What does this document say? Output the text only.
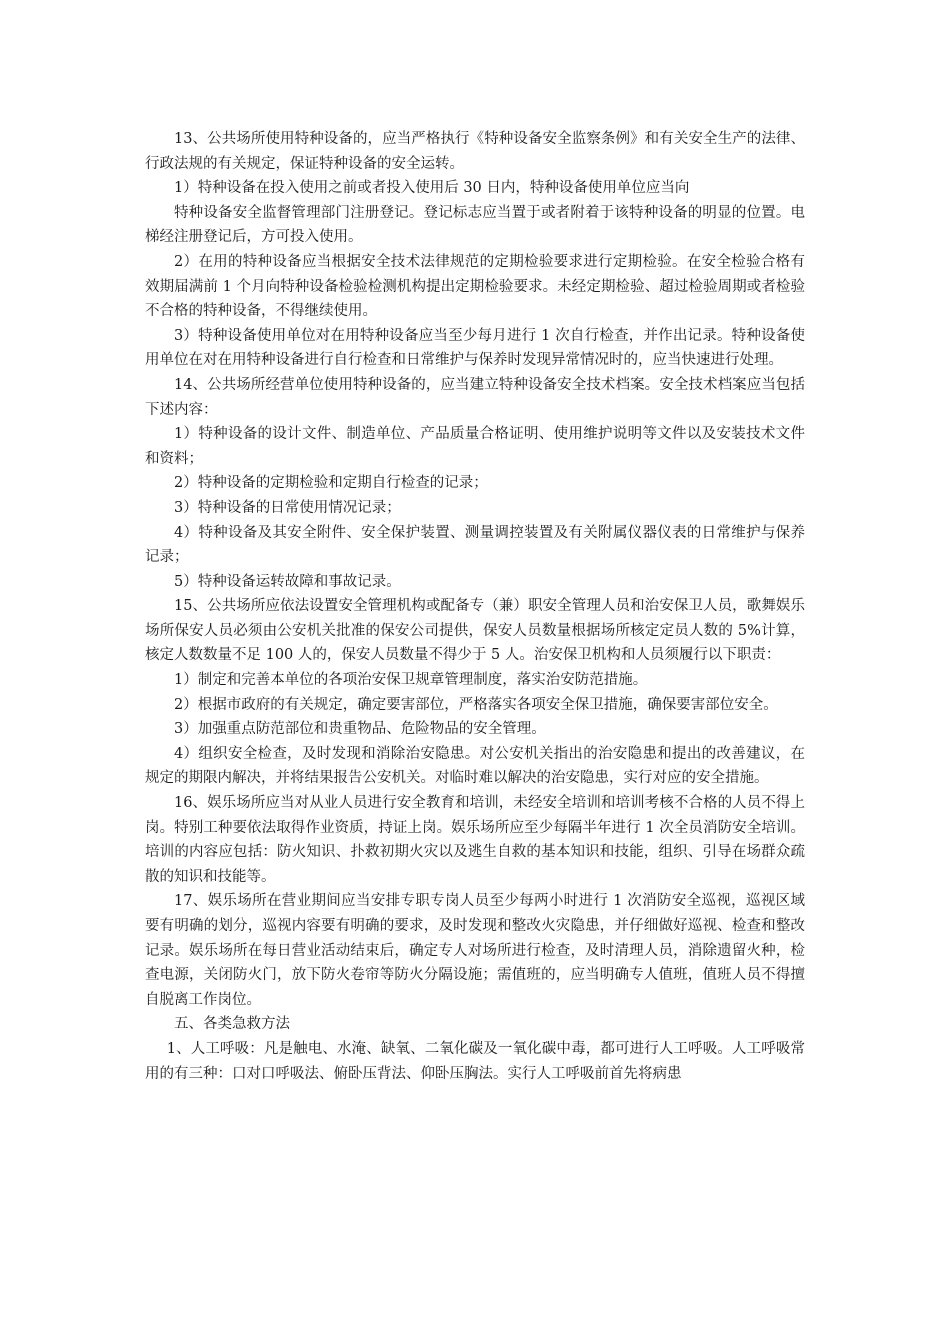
13、公共场所使用特种设备的，应当严格执行《特种设备安全监察条例》和有关安全生产的法律、行政法规的有关规定，保证特种设备的安全运转。

1）特种设备在投入使用之前或者投入使用后 30 日内，特种设备使用单位应当向

特种设备安全监督管理部门注册登记。登记标志应当置于或者附着于该特种设备的明显的位置。电梯经注册登记后，方可投入使用。

2）在用的特种设备应当根据安全技术法律规范的定期检验要求进行定期检验。在安全检验合格有效期届满前 1 个月向特种设备检验检测机构提出定期检验要求。未经定期检验、超过检验周期或者检验不合格的特种设备，不得继续使用。

3）特种设备使用单位对在用特种设备应当至少每月进行 1 次自行检查，并作出记录。特种设备使用单位在对在用特种设备进行自行检查和日常维护与保养时发现异常情况时的，应当快速进行处理。

14、公共场所经营单位使用特种设备的，应当建立特种设备安全技术档案。安全技术档案应当包括下述内容：

1）特种设备的设计文件、制造单位、产品质量合格证明、使用维护说明等文件以及安装技术文件和资料；

2）特种设备的定期检验和定期自行检查的记录；

3）特种设备的日常使用情况记录；

4）特种设备及其安全附件、安全保护装置、测量调控装置及有关附属仪器仪表的日常维护与保养记录；

5）特种设备运转故障和事故记录。

15、公共场所应依法设置安全管理机构或配备专（兼）职安全管理人员和治安保卫人员，歌舞娱乐场所保安人员必须由公安机关批准的保安公司提供，保安人员数量根据场所核定定员人数的 5%计算，核定人数数量不足 100 人的，保安人员数量不得少于 5 人。治安保卫机构和人员须履行以下职责：

1）制定和完善本单位的各项治安保卫规章管理制度，落实治安防范措施。

2）根据市政府的有关规定，确定要害部位，严格落实各项安全保卫措施，确保要害部位安全。

3）加强重点防范部位和贵重物品、危险物品的安全管理。

4）组织安全检查，及时发现和消除治安隐患。对公安机关指出的治安隐患和提出的改善建议，在规定的期限内解决，并将结果报告公安机关。对临时难以解决的治安隐患，实行对应的安全措施。

16、娱乐场所应当对从业人员进行安全教育和培训，未经安全培训和培训考核不合格的人员不得上岗。特别工种要依法取得作业资质，持证上岗。娱乐场所应至少每隔半年进行 1 次全员消防安全培训。培训的内容应包括：防火知识、扑救初期火灾以及逃生自救的基本知识和技能，组织、引导在场群众疏散的知识和技能等。

17、娱乐场所在营业期间应当安排专职专岗人员至少每两小时进行 1 次消防安全巡视，巡视区域要有明确的划分，巡视内容要有明确的要求，及时发现和整改火灾隐患，并仔细做好巡视、检查和整改记录。娱乐场所在每日营业活动结束后，确定专人对场所进行检查，及时清理人员，消除遗留火种，检查电源，关闭防火门，放下防火卷帘等防火分隔设施；需值班的，应当明确专人值班，值班人员不得擅自脱离工作岗位。

五、各类急救方法

1、人工呼吸：凡是触电、水淹、缺氧、二氧化碳及一氧化碳中毒，都可进行人工呼吸。人工呼吸常用的有三种：口对口呼吸法、俯卧压背法、仰卧压胸法。实行人工呼吸前首先将病患
